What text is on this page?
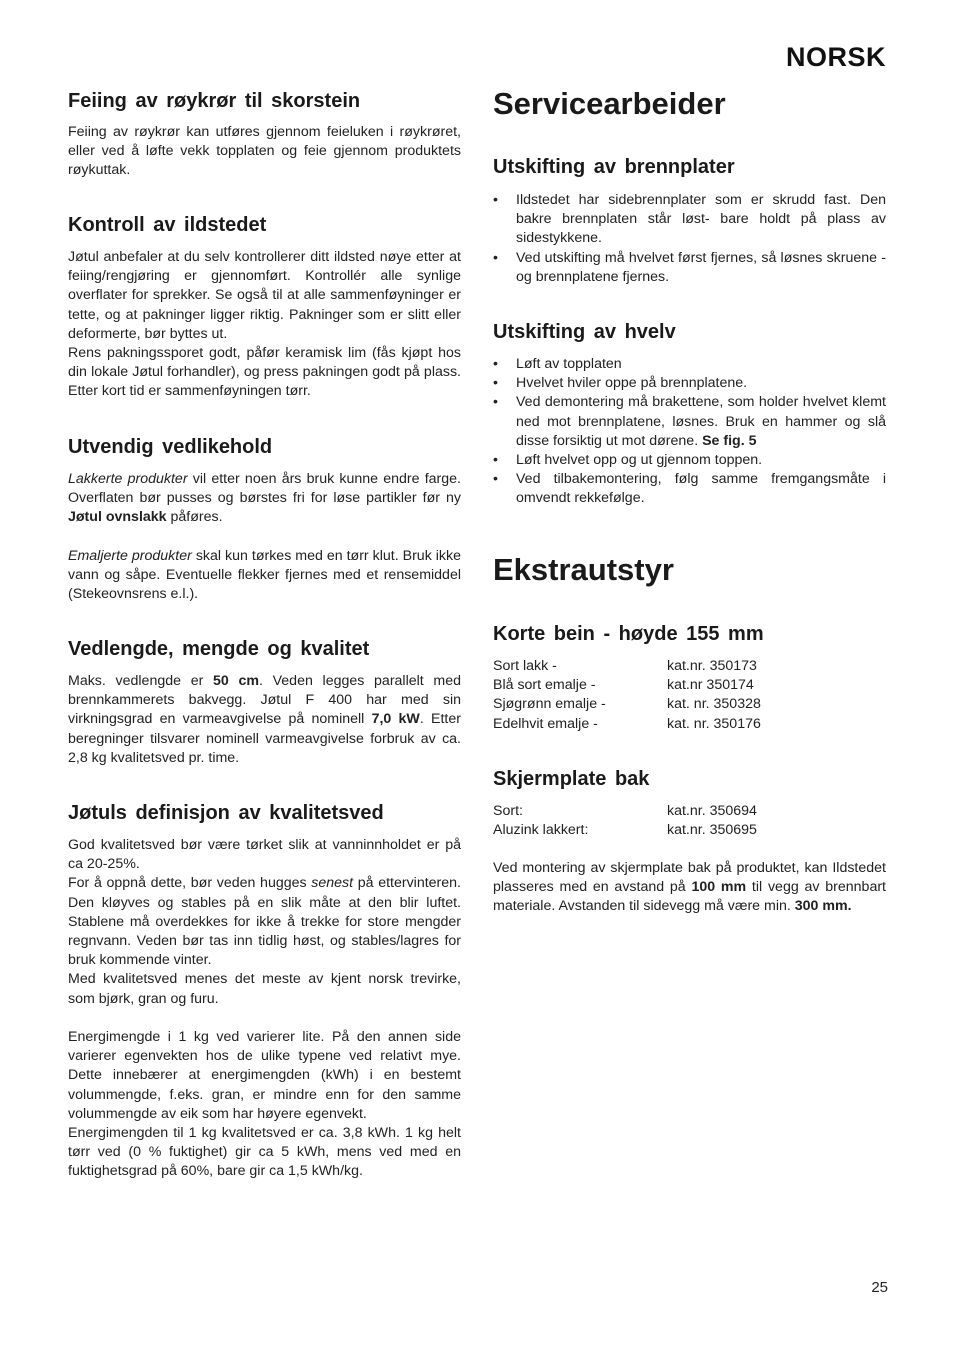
NORSK
Feiing av røykrør til skorstein

Feiing av røykrør kan utføres gjennom feieluken i røykrøret, eller ved å løfte vekk topplaten og feie gjennom produktets røykuttak.

Kontroll av ildstedet

Jøtul anbefaler at du selv kontrollerer ditt ildsted nøye etter at feiing/rengjøring er gjennomført. Kontrollér alle synlige overflater for sprekker. Se også til at alle sammenføyninger er tette, og at pakninger ligger riktig. Pakninger som er slitt eller deformerte, bør byttes ut.
Rens pakningssporet godt, påfør keramisk lim (fås kjøpt hos din lokale Jøtul forhandler), og press pakningen godt på plass. Etter kort tid er sammenføyningen tørr.

Utvendig vedlikehold

Lakkerte produkter vil etter noen års bruk kunne endre farge. Overflaten bør pusses og børstes fri for løse partikler før ny Jøtul ovnslakk påføres.

Emaljerte produkter skal kun tørkes med en tørr klut. Bruk ikke vann og såpe. Eventuelle flekker fjernes med et rensemiddel (Stekeovnsrens e.l.).

Vedlengde, mengde og kvalitet

Maks. vedlengde er 50 cm. Veden legges parallelt med brennkammerets bakvegg. Jøtul F 400 har med sin virkningsgrad en varmeavgivelse på nominell 7,0 kW. Etter beregninger tilsvarer nominell varmeavgivelse forbruk av ca. 2,8 kg kvalitetsved pr. time.

Jøtuls definisjon av kvalitetsved

God kvalitetsved bør være tørket slik at vanninnholdet er på ca 20-25%.
For å oppnå dette, bør veden hugges senest på ettervinteren. Den kløyves og stables på en slik måte at den blir luftet. Stablene må overdekkes for ikke å trekke for store mengder regnvann. Veden bør tas inn tidlig høst, og stables/lagres for bruk kommende vinter.
Med kvalitetsved menes det meste av kjent norsk trevirke, som bjørk, gran og furu.

Energimengde i 1 kg ved varierer lite. På den annen side varierer egenvekten hos de ulike typene ved relativt mye. Dette innebærer at energimengden (kWh) i en bestemt volummengde, f.eks. gran, er mindre enn for den samme volummengde av eik som har høyere egenvekt.
Energimengden til 1 kg kvalitetsved er ca. 3,8 kWh. 1 kg helt tørr ved (0 % fuktighet) gir ca 5 kWh, mens ved med en fuktighetsgrad på 60%, bare gir ca 1,5 kWh/kg.

Servicearbeider
Utskifting av brennplater
• Ildstedet har sidebrennplater som er skrudd fast. Den bakre brennplaten står løst- bare holdt på plass av sidestykkene.
• Ved utskifting må hvelvet først fjernes, så løsnes skruene - og brennplatene fjernes.
Utskifting av hvelv
• Løft av topplaten
• Hvelvet hviler oppe på brennplatene.
• Ved demontering må brakettene, som holder hvelvet klemt ned mot brennplatene, løsnes. Bruk en hammer og slå disse forsiktig ut mot dørene. Se fig. 5
• Løft hvelvet opp og ut gjennom toppen.
• Ved tilbakemontering, følg samme fremgangsmåte i omvendt rekkefølge.
Ekstrautstyr
Korte bein - høyde 155 mm
Sort lakk -	kat.nr. 350173
Blå sort emalje -	kat.nr 350174
Sjøgrønn emalje -	kat. nr. 350328
Edelhvit emalje -	kat. nr. 350176
Skjermplate bak
Sort:	kat.nr. 350694
Aluzink lakkert:	kat.nr. 350695

Ved montering av skjermplate bak på produktet, kan Ildstedet plasseres med en avstand på 100 mm til vegg av brennbart materiale. Avstanden til sidevegg må være min. 300 mm.

25
